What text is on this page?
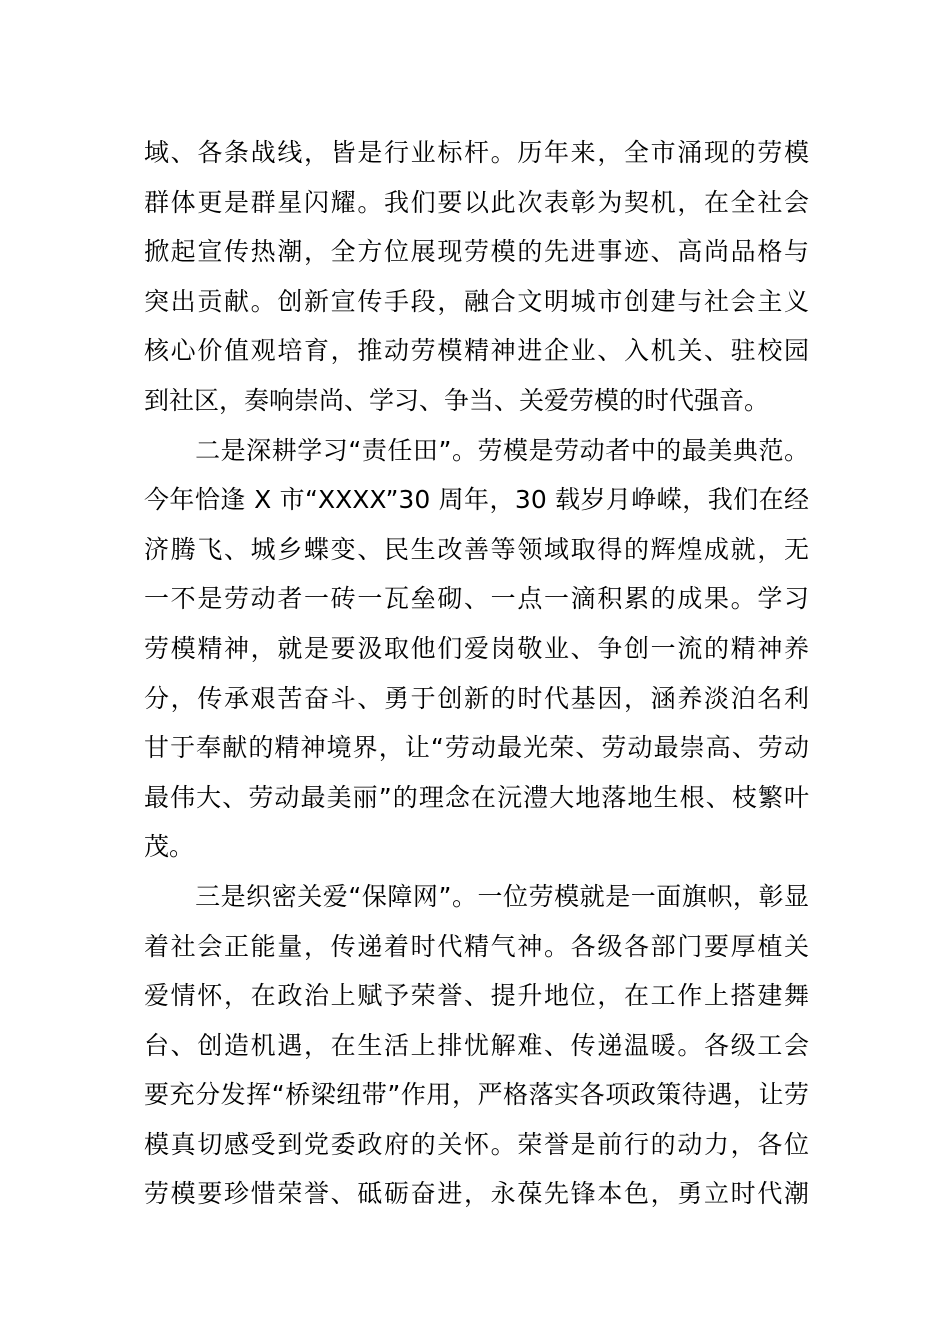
域、各条战线，皆是行业标杆。历年来，全市涌现的劳模
群体更是群星闪耀。我们要以此次表彰为契机，在全社会
掀起宣传热潮，全方位展现劳模的先进事迹、高尚品格与
突出贡献。创新宣传手段，融合文明城市创建与社会主义
核心价值观培育，推动劳模精神进企业、入机关、驻校园
到社区，奏响崇尚、学习、争当、关爱劳模的时代强音。
　　二是深耕学习“责任田”。劳模是劳动者中的最美典范。
今年恰逢 X 市“XXXX”30 周年，30 载岁月峥嵘，我们在经
济腾飞、城乡蝶变、民生改善等领域取得的辉煌成就，无
一不是劳动者一砖一瓦垒砌、一点一滴积累的成果。学习
劳模精神，就是要汲取他们爱岗敬业、争创一流的精神养
分，传承艰苦奋斗、勇于创新的时代基因，涵养淡泊名利
甘于奉献的精神境界，让“劳动最光荣、劳动最崇高、劳动
最伟大、劳动最美丽”的理念在沅澧大地落地生根、枝繁叶
茂。
　　三是织密关爱“保障网”。一位劳模就是一面旗帜，彰显
着社会正能量，传递着时代精气神。各级各部门要厚植关
爱情怀，在政治上赋予荣誉、提升地位，在工作上搭建舞
台、创造机遇，在生活上排忧解难、传递温暖。各级工会
要充分发挥“桥梁纽带”作用，严格落实各项政策待遇，让劳
模真切感受到党委政府的关怀。荣誉是前行的动力，各位
劳模要珍惜荣誉、砥砺奋进，永葆先锋本色，勇立时代潮
